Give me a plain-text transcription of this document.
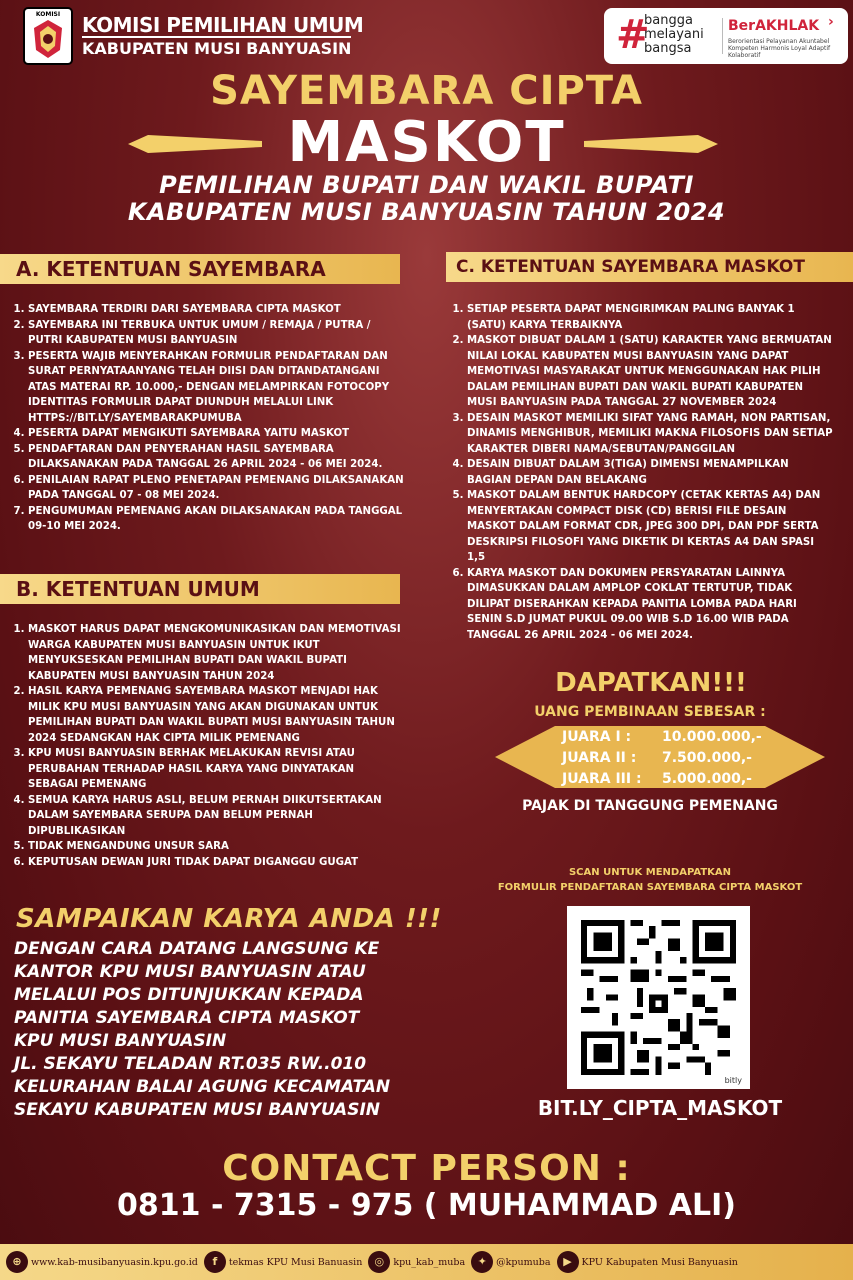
KOMISI KOMISI PEMILIHAN UMUM
KABUPATEN MUSI BANYUASIN	#
bangga
melayani
bangsa
BerAKHLAK
Berorientasi Pelayanan Akuntabel Kompeten Harmonis Loyal Adaptif Kolaboratif
›
SAYEMBARA CIPTA
MASKOT
PEMILIHAN BUPATI DAN WAKIL BUPATI
KABUPATEN MUSI BANYUASIN TAHUN 2024
A. KETENTUAN SAYEMBARA
1. SAYEMBARA TERDIRI DARI SAYEMBARA CIPTA MASKOT
2. SAYEMBARA INI TERBUKA UNTUK UMUM / REMAJA / PUTRA / PUTRI KABUPATEN MUSI BANYUASIN
3. PESERTA WAJIB MENYERAHKAN FORMULIR PENDAFTARAN DAN SURAT PERNYATAANYANG TELAH DIISI DAN DITANDATANGANI ATAS MATERAI RP. 10.000,- DENGAN MELAMPIRKAN FOTOCOPY IDENTITAS FORMULIR DAPAT DIUNDUH MELALUI LINK HTTPS://BIT.LY/SAYEMBARAKPUMUBA
4. PESERTA DAPAT MENGIKUTI SAYEMBARA YAITU MASKOT
5. PENDAFTARAN DAN PENYERAHAN HASIL SAYEMBARA DILAKSANAKAN PADA TANGGAL 26 APRIL 2024 - 06 MEI 2024.
6. PENILAIAN RAPAT PLENO PENETAPAN PEMENANG DILAKSANAKAN PADA TANGGAL 07 - 08 MEI 2024.
7. PENGUMUMAN PEMENANG AKAN DILAKSANAKAN PADA TANGGAL 09-10 MEI 2024.
B. KETENTUAN UMUM
1. MASKOT HARUS DAPAT MENGKOMUNIKASIKAN DAN MEMOTIVASI WARGA KABUPATEN MUSI BANYUASIN UNTUK IKUT MENYUKSESKAN PEMILIHAN BUPATI DAN WAKIL BUPATI KABUPATEN MUSI BANYUASIN TAHUN 2024
2. HASIL KARYA PEMENANG SAYEMBARA MASKOT MENJADI HAK MILIK KPU MUSI BANYUASIN YANG AKAN DIGUNAKAN UNTUK PEMILIHAN BUPATI DAN WAKIL BUPATI MUSI BANYUASIN TAHUN 2024 SEDANGKAN HAK CIPTA MILIK PEMENANG
3. KPU MUSI BANYUASIN BERHAK MELAKUKAN REVISI ATAU PERUBAHAN TERHADAP HASIL KARYA YANG DINYATAKAN SEBAGAI PEMENANG
4. SEMUA KARYA HARUS ASLI, BELUM PERNAH DIIKUTSERTAKAN DALAM SAYEMBARA SERUPA DAN BELUM PERNAH DIPUBLIKASIKAN
5. TIDAK MENGANDUNG UNSUR SARA
6. KEPUTUSAN DEWAN JURI TIDAK DAPAT DIGANGGU GUGAT
C. KETENTUAN SAYEMBARA MASKOT
1. SETIAP PESERTA DAPAT MENGIRIMKAN PALING BANYAK 1 (SATU) KARYA TERBAIKNYA
2. MASKOT DIBUAT DALAM 1 (SATU) KARAKTER YANG BERMUATAN NILAI LOKAL KABUPATEN MUSI BANYUASIN YANG DAPAT MEMOTIVASI MASYARAKAT UNTUK MENGGUNAKAN HAK PILIH DALAM PEMILIHAN BUPATI DAN WAKIL BUPATI KABUPATEN MUSI BANYUASIN PADA TANGGAL 27 NOVEMBER 2024
3. DESAIN MASKOT MEMILIKI SIFAT YANG RAMAH, NON PARTISAN, DINAMIS MENGHIBUR, MEMILIKI MAKNA FILOSOFIS DAN SETIAP KARAKTER DIBERI NAMA/SEBUTAN/PANGGILAN
4. DESAIN DIBUAT DALAM 3(TIGA) DIMENSI MENAMPILKAN BAGIAN DEPAN DAN BELAKANG
5. MASKOT DALAM BENTUK HARDCOPY (CETAK KERTAS A4) DAN MENYERTAKAN COMPACT DISK (CD) BERISI FILE DESAIN MASKOT DALAM FORMAT CDR, JPEG 300 DPI, DAN PDF SERTA DESKRIPSI FILOSOFI YANG DIKETIK DI KERTAS A4 DAN SPASI 1,5
6. KARYA MASKOT DAN DOKUMEN PERSYARATAN LAINNYA DIMASUKKAN DALAM AMPLOP COKLAT TERTUTUP, TIDAK DILIPAT DISERAHKAN KEPADA PANITIA LOMBA PADA HARI SENIN S.D JUMAT PUKUL 09.00 WIB S.D 16.00 WIB PADA TANGGAL 26 APRIL 2024 - 06 MEI 2024.
DAPATKAN!!!
UANG PEMBINAAN SEBESAR :
JUARA I :	10.000.000,-
JUARA II :	7.500.000,-
JUARA III :	5.000.000,-
PAJAK DI TANGGUNG PEMENANG
SCAN UNTUK MENDAPATKAN
FORMULIR PENDAFTARAN SAYEMBARA CIPTA MASKOT
bitly
BIT.LY_CIPTA_MASKOT
SAMPAIKAN KARYA ANDA !!!
DENGAN CARA DATANG LANGSUNG KE
KANTOR KPU MUSI BANYUASIN ATAU
MELALUI POS DITUNJUKKAN KEPADA
PANITIA SAYEMBARA CIPTA MASKOT
KPU MUSI BANYUASIN
JL. SEKAYU TELADAN RT.035 RW..010
KELURAHAN BALAI AGUNG KECAMATAN
SEKAYU KABUPATEN MUSI BANYUASIN
CONTACT PERSON :
0811 - 7315 - 975 ( MUHAMMAD ALI)
⊕ www.kab-musibanyuasin.kpu.go.id	f	tekmas KPU Musi Banuasin	◎ kpu_kab_muba	✦ @kpumuba	▶	KPU Kabupaten Musi Banyuasin
